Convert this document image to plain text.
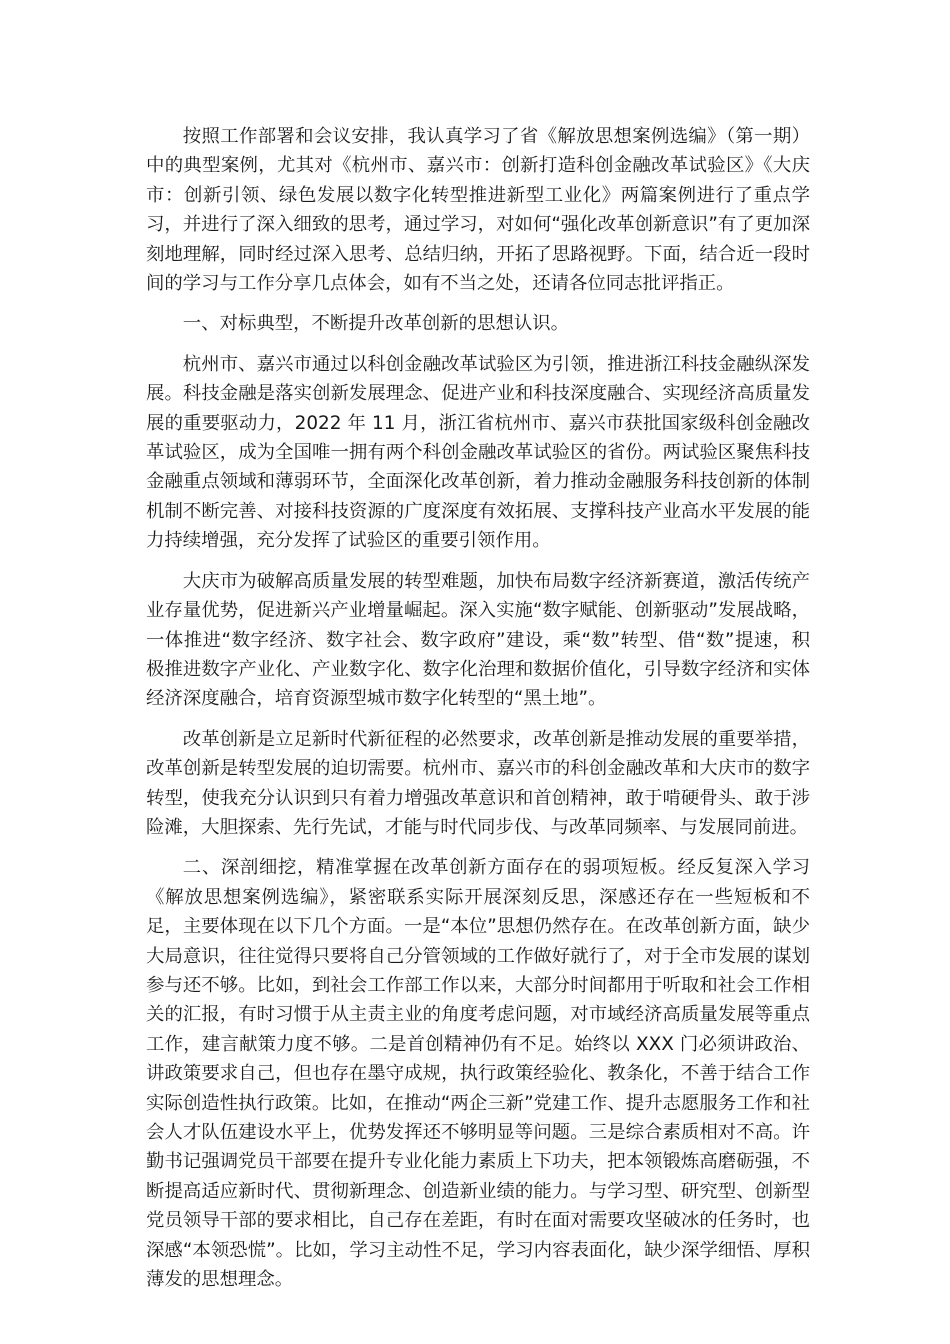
按照工作部署和会议安排，我认真学习了省《解放思想案例选编》（第一期）中的典型案例，尤其对《杭州市、嘉兴市：创新打造科创金融改革试验区》《大庆市：创新引领、绿色发展以数字化转型推进新型工业化》两篇案例进行了重点学习，并进行了深入细致的思考，通过学习，对如何“强化改革创新意识”有了更加深刻地理解，同时经过深入思考、总结归纳，开拓了思路视野。下面，结合近一段时间的学习与工作分享几点体会，如有不当之处，还请各位同志批评指正。

一、对标典型，不断提升改革创新的思想认识。

杭州市、嘉兴市通过以科创金融改革试验区为引领，推进浙江科技金融纵深发展。科技金融是落实创新发展理念、促进产业和科技深度融合、实现经济高质量发展的重要驱动力，2022 年 11 月，浙江省杭州市、嘉兴市获批国家级科创金融改革试验区，成为全国唯一拥有两个科创金融改革试验区的省份。两试验区聚焦科技金融重点领域和薄弱环节，全面深化改革创新，着力推动金融服务科技创新的体制机制不断完善、对接科技资源的广度深度有效拓展、支撑科技产业高水平发展的能力持续增强，充分发挥了试验区的重要引领作用。

大庆市为破解高质量发展的转型难题，加快布局数字经济新赛道，激活传统产业存量优势，促进新兴产业增量崛起。深入实施“数字赋能、创新驱动”发展战略，一体推进“数字经济、数字社会、数字政府”建设，乘“数”转型、借“数”提速，积极推进数字产业化、产业数字化、数字化治理和数据价值化，引导数字经济和实体经济深度融合，培育资源型城市数字化转型的“黑土地”。

改革创新是立足新时代新征程的必然要求，改革创新是推动发展的重要举措，改革创新是转型发展的迫切需要。杭州市、嘉兴市的科创金融改革和大庆市的数字转型，使我充分认识到只有着力增强改革意识和首创精神，敢于啃硬骨头、敢于涉险滩，大胆探索、先行先试，才能与时代同步伐、与改革同频率、与发展同前进。

二、深剖细挖，精准掌握在改革创新方面存在的弱项短板。经反复深入学习《解放思想案例选编》，紧密联系实际开展深刻反思，深感还存在一些短板和不足，主要体现在以下几个方面。一是“本位”思想仍然存在。在改革创新方面，缺少大局意识，往往觉得只要将自己分管领域的工作做好就行了，对于全市发展的谋划参与还不够。比如，到社会工作部工作以来，大部分时间都用于听取和社会工作相关的汇报，有时习惯于从主责主业的角度考虑问题，对市域经济高质量发展等重点工作，建言献策力度不够。二是首创精神仍有不足。始终以 XXX 门必须讲政治、讲政策要求自己，但也存在墨守成规，执行政策经验化、教条化，不善于结合工作实际创造性执行政策。比如，在推动“两企三新”党建工作、提升志愿服务工作和社会人才队伍建设水平上，优势发挥还不够明显等问题。三是综合素质相对不高。许勤书记强调党员干部要在提升专业化能力素质上下功夫，把本领锻炼高磨砺强，不断提高适应新时代、贯彻新理念、创造新业绩的能力。与学习型、研究型、创新型党员领导干部的要求相比，自己存在差距，有时在面对需要攻坚破冰的任务时，也深感“本领恐慌”。比如，学习主动性不足，学习内容表面化，缺少深学细悟、厚积薄发的思想理念。
